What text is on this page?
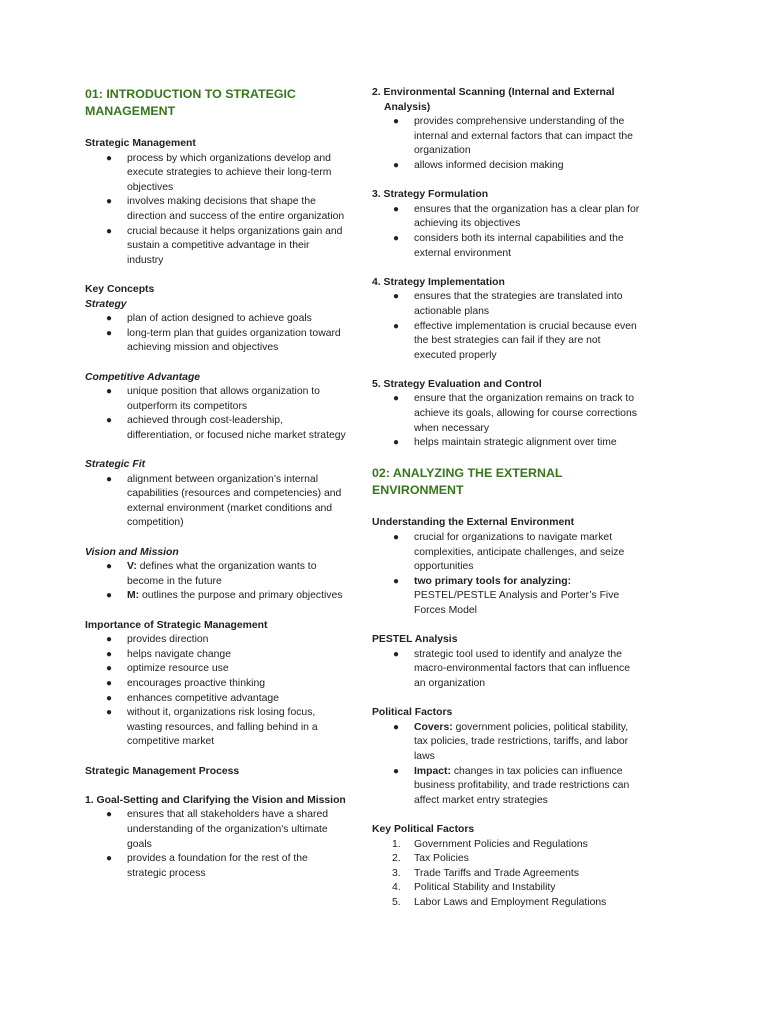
01: INTRODUCTION TO STRATEGIC MANAGEMENT

Strategic Management

● process by which organizations develop and execute strategies to achieve their long-term objectives
● involves making decisions that shape the direction and success of the entire organization
● crucial because it helps organizations gain and sustain a competitive advantage in their industry

Key Concepts

Strategy

● plan of action designed to achieve goals
● long-term plan that guides organization toward achieving mission and objectives

Competitive Advantage

● unique position that allows organization to outperform its competitors
● achieved through cost-leadership, differentiation, or focused niche market strategy

Strategic Fit

● alignment between organization’s internal capabilities (resources and competencies) and external environment (market conditions and competition)

Vision and Mission

● V: defines what the organization wants to become in the future
● M: outlines the purpose and primary objectives

Importance of Strategic Management

● provides direction
● helps navigate change
● optimize resource use
● encourages proactive thinking
● enhances competitive advantage
● without it, organizations risk losing focus, wasting resources, and falling behind in a competitive market

Strategic Management Process

1. Goal-Setting and Clarifying the Vision and Mission

● ensures that all stakeholders have a shared understanding of the organization's ultimate goals
● provides a foundation for the rest of the strategic process

2. Environmental Scanning (Internal and External Analysis)

● provides comprehensive understanding of the internal and external factors that can impact the organization
● allows informed decision making

3. Strategy Formulation

● ensures that the organization has a clear plan for achieving its objectives
● considers both its internal capabilities and the external environment

4. Strategy Implementation

● ensures that the strategies are translated into actionable plans
● effective implementation is crucial because even the best strategies can fail if they are not executed properly

5. Strategy Evaluation and Control

● ensure that the organization remains on track to achieve its goals, allowing for course corrections when necessary
● helps maintain strategic alignment over time
02: ANALYZING THE EXTERNAL ENVIRONMENT

Understanding the External Environment

● crucial for organizations to navigate market complexities, anticipate challenges, and seize opportunities
● two primary tools for analyzing: PESTEL/PESTLE Analysis and Porter’s Five Forces Model

PESTEL Analysis

● strategic tool used to identify and analyze the macro-environmental factors that can influence an organization

Political Factors

● Covers: government policies, political stability, tax policies, trade restrictions, tariffs, and labor laws
● Impact: changes in tax policies can influence business profitability, and trade restrictions can affect market entry strategies

Key Political Factors

1. Government Policies and Regulations
2. Tax Policies
3. Trade Tariffs and Trade Agreements
4. Political Stability and Instability
5. Labor Laws and Employment Regulations
